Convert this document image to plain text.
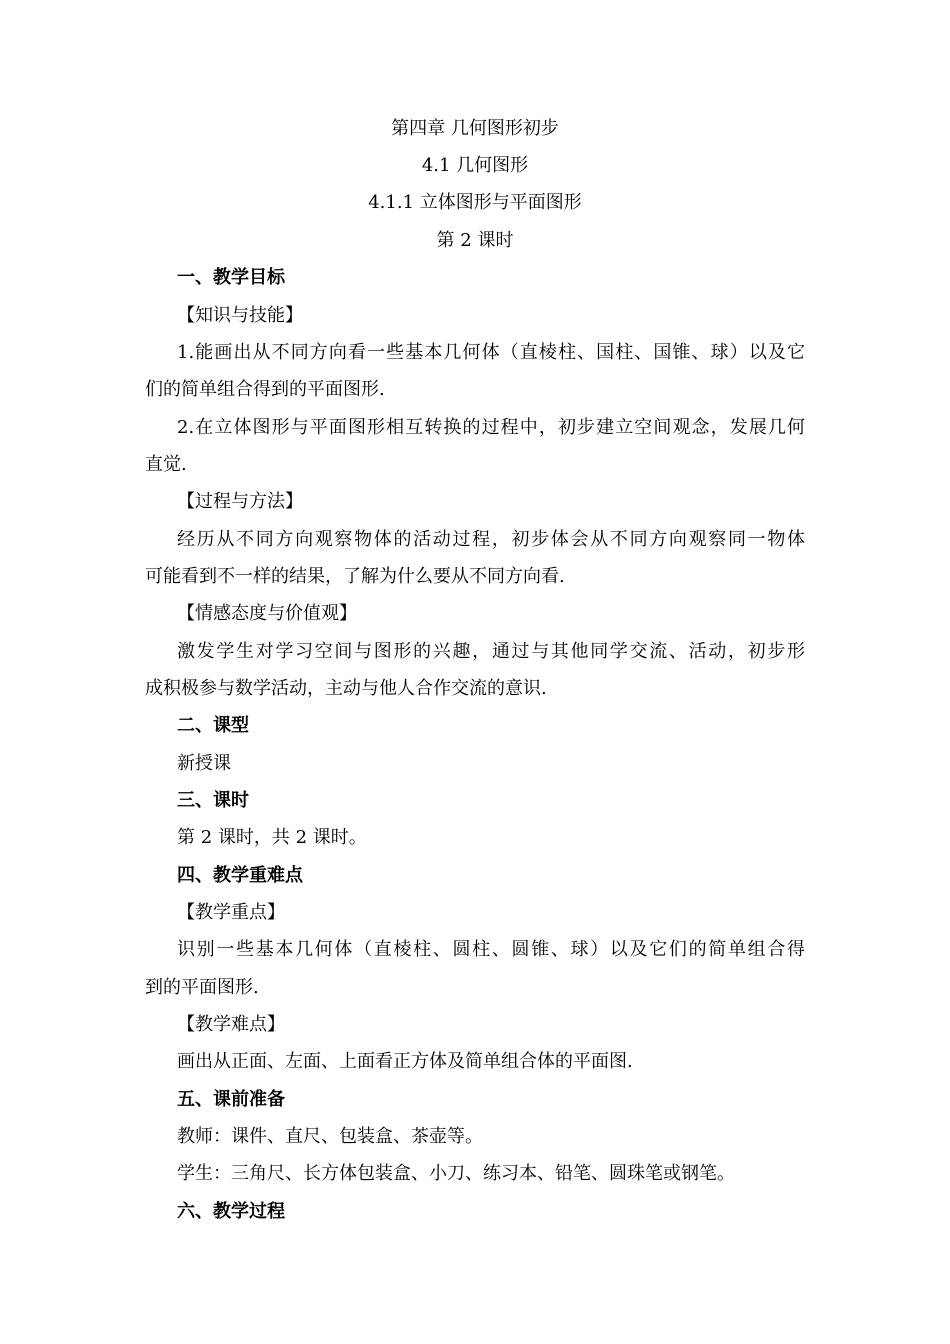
第四章 几何图形初步
4.1 几何图形
4.1.1 立体图形与平面图形
第 2 课时
一、教学目标
【知识与技能】
1.能画出从不同方向看一些基本几何体（直棱柱、国柱、国锥、球）以及它
们的简单组合得到的平面图形.
2.在立体图形与平面图形相互转换的过程中，初步建立空间观念，发展几何
直觉.
【过程与方法】
经历从不同方向观察物体的活动过程，初步体会从不同方向观察同一物体
可能看到不一样的结果，了解为什么要从不同方向看.
【情感态度与价值观】
激发学生对学习空间与图形的兴趣，通过与其他同学交流、活动，初步形
成积极参与数学活动，主动与他人合作交流的意识.
二、课型
新授课
三、课时
第 2 课时，共 2 课时。
四、教学重难点
【教学重点】
识别一些基本几何体（直棱柱、圆柱、圆锥、球）以及它们的简单组合得
到的平面图形.
【教学难点】
画出从正面、左面、上面看正方体及简单组合体的平面图.
五、课前准备
教师：课件、直尺、包装盒、茶壶等。
学生：三角尺、长方体包装盒、小刀、练习本、铅笔、圆珠笔或钢笔。
六、教学过程
